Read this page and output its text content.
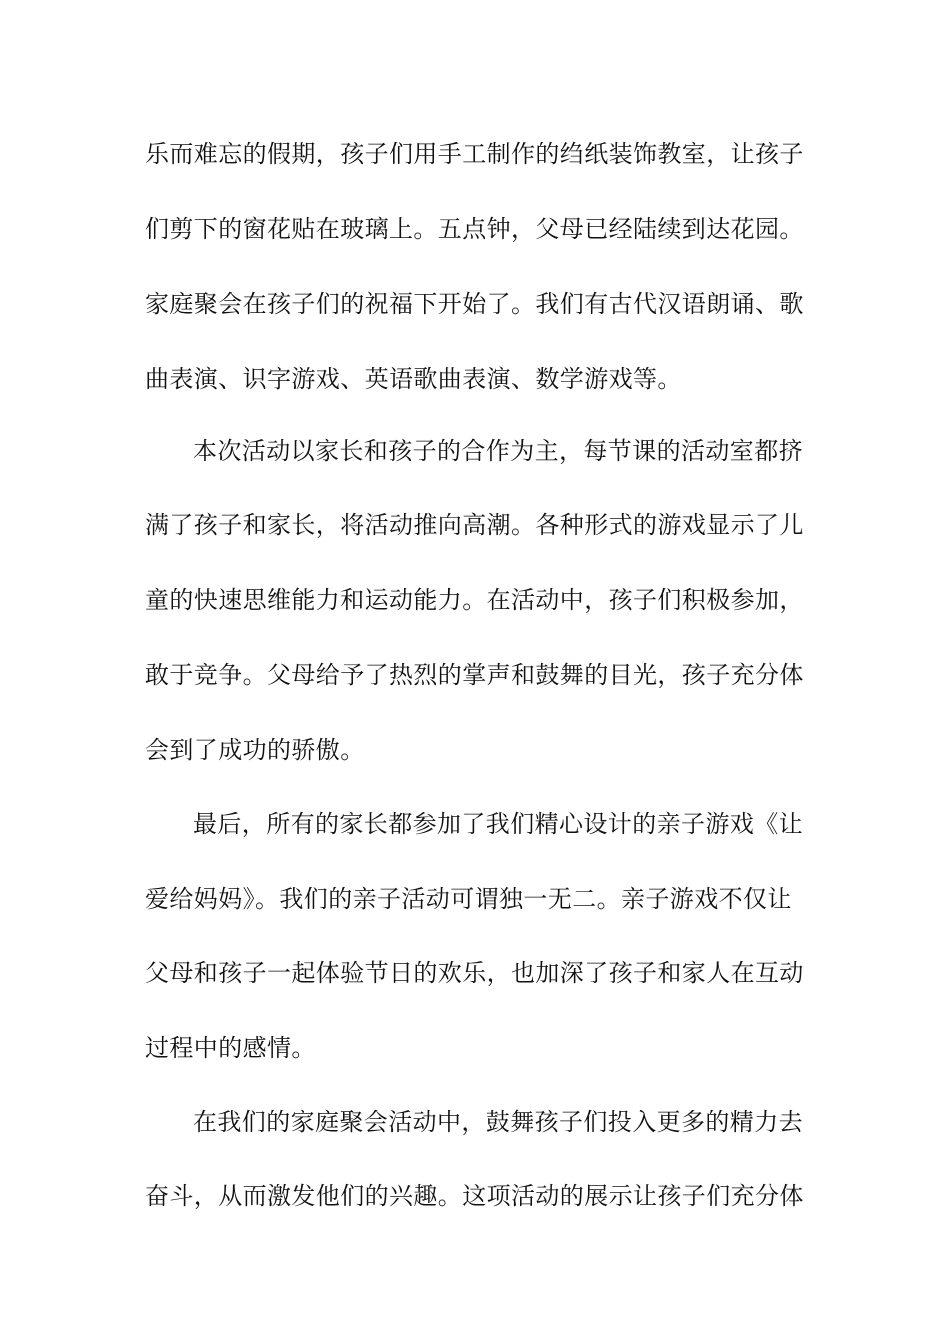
乐而难忘的假期，孩子们用手工制作的绉纸装饰教室，让孩子

们剪下的窗花贴在玻璃上。五点钟，父母已经陆续到达花园。

家庭聚会在孩子们的祝福下开始了。我们有古代汉语朗诵、歌

曲表演、识字游戏、英语歌曲表演、数学游戏等。

本次活动以家长和孩子的合作为主，每节课的活动室都挤

满了孩子和家长，将活动推向高潮。各种形式的游戏显示了儿

童的快速思维能力和运动能力。在活动中，孩子们积极参加，

敢于竞争。父母给予了热烈的掌声和鼓舞的目光，孩子充分体

会到了成功的骄傲。

最后，所有的家长都参加了我们精心设计的亲子游戏《让

爱给妈妈》。我们的亲子活动可谓独一无二。亲子游戏不仅让

父母和孩子一起体验节日的欢乐，也加深了孩子和家人在互动

过程中的感情。

在我们的家庭聚会活动中，鼓舞孩子们投入更多的精力去

奋斗，从而激发他们的兴趣。这项活动的展示让孩子们充分体
